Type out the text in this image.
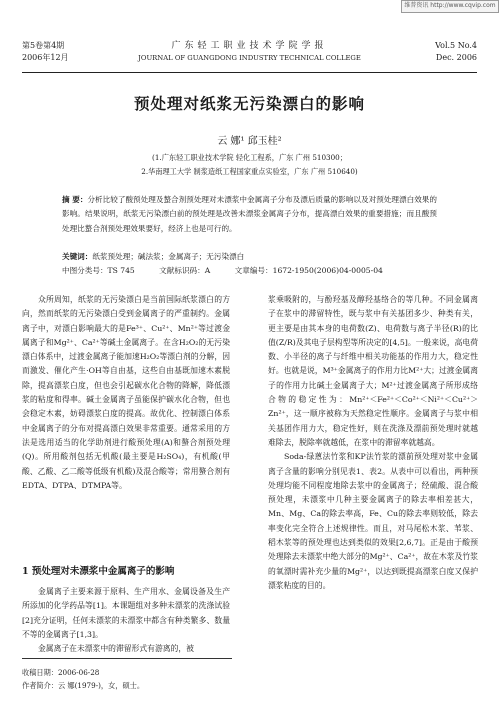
维普资讯 http://www.cqvip.com
第5卷第4期
2006年12月
广东轻工职业技术学院学报
JOURNAL OF GUANGDONG INDUSTRY TECHNICAL COLLEGE
Vol.5 No.4
Dec. 2006
预处理对纸浆无污染漂白的影响
云 娜¹ 邱玉桂²
(1.广东轻工职业技术学院 轻化工程系，广东 广州 510300；
2.华南理工大学 制浆造纸工程国家重点实验室，广东 广州 510640)
摘 要：分析比较了酸预处理及螯合剂预处理对未漂浆中金属离子分布及漂后质量的影响以及对预处理漂白效果的影响。结果说明，纸浆无污染漂白前的预处理是改善未漂浆金属离子分布，提高漂白效果的重要措施；而且酸预处理比螯合剂预处理效果要好，经济上也是可行的。
关键词：纸浆预处理；碱法浆；金属离子；无污染漂白
中图分类号：TS 745	文献标识码：A	文章编号：1672-1950(2006)04-0005-04

众所周知，纸浆的无污染漂白是当前国际纸浆漂白的方向，然而纸浆的无污染漂白受到金属离子的严重制约。金属离子中，对漂白影响最大的是Fe³⁺、Cu²⁺、Mn²⁺等过渡金属离子和Mg²⁺、Ca²⁺等碱土金属离子。在含H₂O₂的无污染漂白体系中，过渡金属离子能加速H₂O₂等漂白剂的分解，因而激发、催化产生·OH等自由基，这些自由基既加速木素脱除，提高漂浆白度，但也会引起碳水化合物的降解，降低漂浆的粘度和得率。碱土金属离子虽能保护碳水化合物，但也会稳定木素，妨碍漂浆白度的提高。故优化、控制漂白体系中金属离子的分布对提高漂白效果非常重要。通常采用的方法是选用适当的化学助剂进行酸预处理(A)和螯合剂预处理(Q)。所用酸剂包括无机酸(最主要是H₂SO₄)，有机酸(甲酸、乙酸、乙二酸等低级有机酸)及混合酸等；常用螯合剂有EDTA、DTPA、DTMPA等。

1 预处理对未漂浆中金属离子的影响

金属离子主要来源于原料、生产用水、金属设备及生产所添加的化学药品等[1]。本课题组对多种未漂浆的洗涤试验[2]充分证明，任何未漂浆的未漂浆中都含有种类繁多、数量不等的金属离子[1,3]。

金属离子在未漂浆中的滞留形式有游离的，被

浆乘吸附的，与酚羟基及醇羟基络合的等几种。不同金属离子在浆中的滞留特性，既与浆中有关基团多少、种类有关，更主要是由其本身的电荷数(Z)、电荷数与离子半径(R)的比值(Z/R)及其电子层构型等所决定的[4,5]。一般来说，高电荷数、小半径的离子与纤维中相关功能基的作用力大，稳定性好。也就是说，M³⁺金属离子的作用力比M²⁺大；过渡金属离子的作用力比碱土金属离子大；M²⁺过渡金属离子所形成络合物的稳定性为：Mn²⁺＜Fe²⁺＜Co²⁺＜Ni²⁺＜Cu²⁺＞Zn²⁺，这一顺序被称为天然稳定性顺序。金属离子与浆中相关基团作用力大，稳定性好，则在洗涤及漂前预处理时就越难除去，脱除率就越低，在浆中的滞留率就越高。

Soda-绿蒽法竹浆和KP法竹浆的漂前预处理对浆中金属离子含量的影响分别见表1、表2。从表中可以看出，两种预处理均能不同程度地除去浆中的金属离子；经硫酸、混合酸预处理，未漂浆中几种主要金属离子的除去率相差甚大，Mn、Mg、Ca的除去率高，Fe、Cu的除去率则较低，除去率变化完全符合上述规律性。而且，对马尾松木浆、苇浆、稻木浆等的预处理也达到类似的效果[2,6,7]。正是由于酸预处理除去未漂浆中绝大部分的Mg²⁺、Ca²⁺，故在木浆及竹浆的氧漂时需补充少量的Mg²⁺，以达到既提高漂浆白度又保护漂浆粘度的目的。

收稿日期：2006-06-28
作者简介：云 娜(1979-)，女，硕士。
